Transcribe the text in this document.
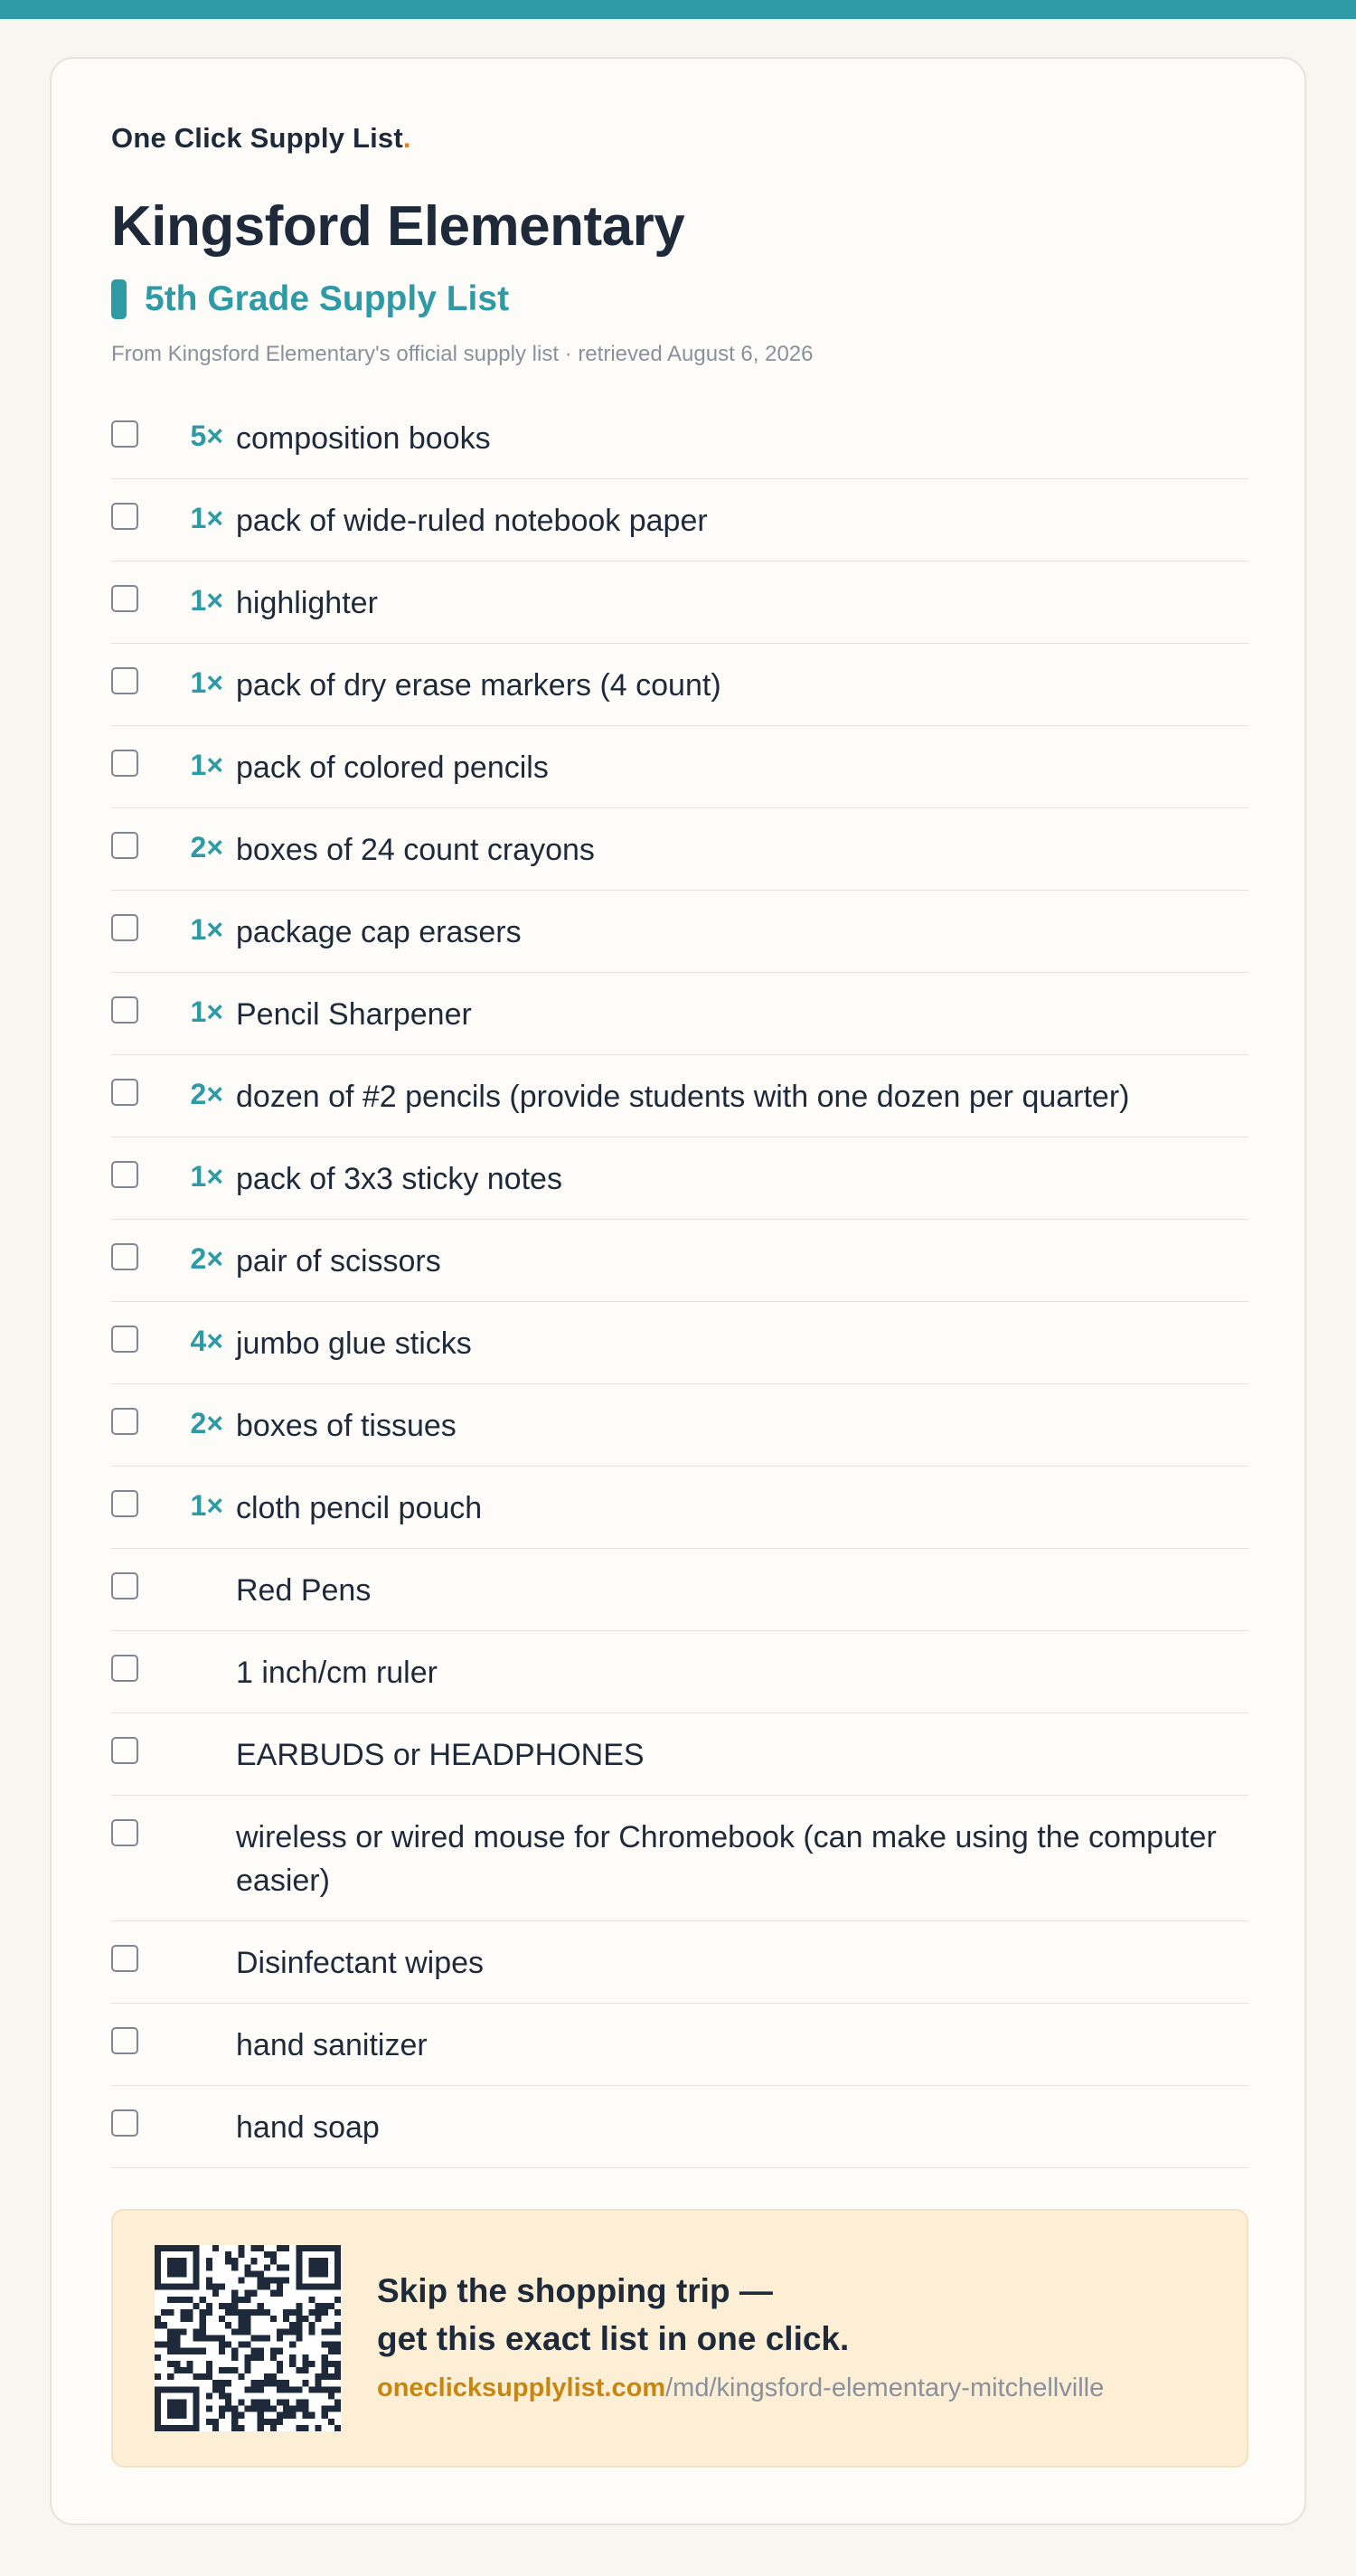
One Click Supply List.
Kingsford Elementary
5th Grade Supply List
From Kingsford Elementary's official supply list · retrieved August 6, 2026
5× composition books
1× pack of wide-ruled notebook paper
1× highlighter
1× pack of dry erase markers (4 count)
1× pack of colored pencils
2× boxes of 24 count crayons
1× package cap erasers
1× Pencil Sharpener
2× dozen of #2 pencils (provide students with one dozen per quarter)
1× pack of 3x3 sticky notes
2× pair of scissors
4× jumbo glue sticks
2× boxes of tissues
1× cloth pencil pouch
Red Pens
1 inch/cm ruler
EARBUDS or HEADPHONES
wireless or wired mouse for Chromebook (can make using the computer easier)
Disinfectant wipes
hand sanitizer
hand soap
Skip the shopping trip —
get this exact list in one click.
oneclicksupplylist.com/md/kingsford-elementary-mitchellville
